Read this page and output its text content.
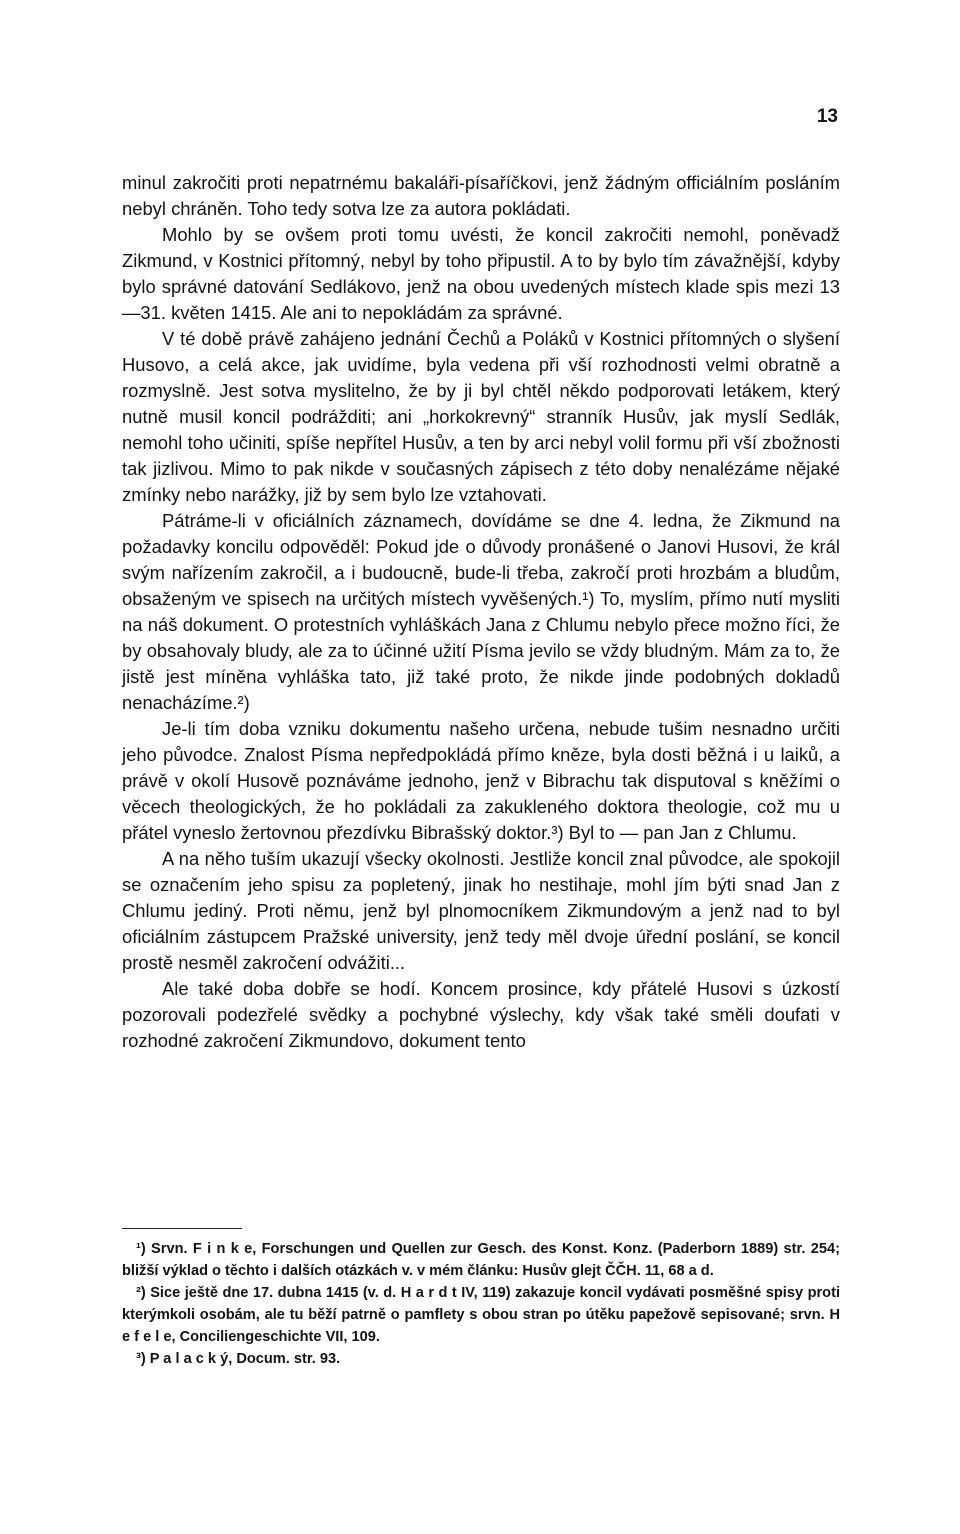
13

minul zakročiti proti nepatrnému bakaláři-písaříčkovi, jenž žádným officiálním posláním nebyl chráněn. Toho tedy sotva lze za autora pokládati.

Mohlo by se ovšem proti tomu uvésti, že koncil zakročiti nemohl, poněvadž Zikmund, v Kostnici přítomný, nebyl by toho připustil. A to by bylo tím závažnější, kdyby bylo správné datování Sedlákovo, jenž na obou uvedených místech klade spis mezi 13—31. květen 1415. Ale ani to nepokládám za správné.

V té době právě zahájeno jednání Čechů a Poláků v Kostnici přítomných o slyšení Husovo, a celá akce, jak uvidíme, byla vedena při vší rozhodnosti velmi obratně a rozmyslně. Jest sotva myslitelno, že by ji byl chtěl někdo podporovati letákem, který nutně musil koncil podrážditi; ani „horkokrevný“ stranník Husův, jak myslí Sedlák, nemohl toho učiniti, spíše nepřítel Husův, a ten by arci nebyl volil formu při vší zbožnosti tak jizlivou. Mimo to pak nikde v současných zápisech z této doby nenalézáme nějaké zmínky nebo narážky, již by sem bylo lze vztahovati.

Pátráme-li v oficiálních záznamech, dovídáme se dne 4. ledna, že Zikmund na požadavky koncilu odpověděl: Pokud jde o důvody pronášené o Janovi Husovi, že král svým nařízením zakročil, a i budoucně, bude-li třeba, zakročí proti hrozbám a bludům, obsaženým ve spisech na určitých místech vyvěšených.¹) To, myslím, přímo nutí mysliti na náš dokument. O protestních vyhláškách Jana z Chlumu nebylo přece možno říci, že by obsahovaly bludy, ale za to účinné užití Písma jevilo se vždy bludným. Mám za to, že jistě jest míněna vyhláška tato, již také proto, že nikde jinde podobných dokladů nenacházíme.²)

Je-li tím doba vzniku dokumentu našeho určena, nebude tušim nesnadno určiti jeho původce. Znalost Písma nepředpokládá přímo kněze, byla dosti běžná i u laiků, a právě v okolí Husově poznáváme jednoho, jenž v Bibrachu tak disputoval s kněžími o věcech theologických, že ho pokládali za zakukleného doktora theologie, což mu u přátel vyneslo žertovnou přezdívku Bibrašský doktor.³) Byl to — pan Jan z Chlumu.

A na něho tuším ukazují všecky okolnosti. Jestliže koncil znal původce, ale spokojil se označením jeho spisu za popletený, jinak ho nestihaje, mohl jím býti snad Jan z Chlumu jediný. Proti němu, jenž byl plnomocníkem Zikmundovým a jenž nad to byl oficiálním zástupcem Pražské university, jenž tedy měl dvoje úřední poslání, se koncil prostě nesměl zakročení odvážiti...

Ale také doba dobře se hodí. Koncem prosince, kdy přátelé Husovi s úzkostí pozorovali podezřelé svědky a pochybné výslechy, kdy však také směli doufati v rozhodné zakročení Zikmundovo, dokument tento

¹) Srvn. F i n k e, Forschungen und Quellen zur Gesch. des Konst. Konz. (Paderborn 1889) str. 254; bližší výklad o těchto i dalších otázkách v. v mém článku: Husův glejt ČČH. 11, 68 a d.

²) Sice ještě dne 17. dubna 1415 (v. d. H a r d t IV, 119) zakazuje koncil vydávati posměšné spisy proti kterýmkoli osobám, ale tu běží patrně o pamflety s obou stran po útěku papežově sepisované; srvn. H e f e l e, Conciliengeschichte VII, 109.

³) P a l a c k ý, Docum. str. 93.
